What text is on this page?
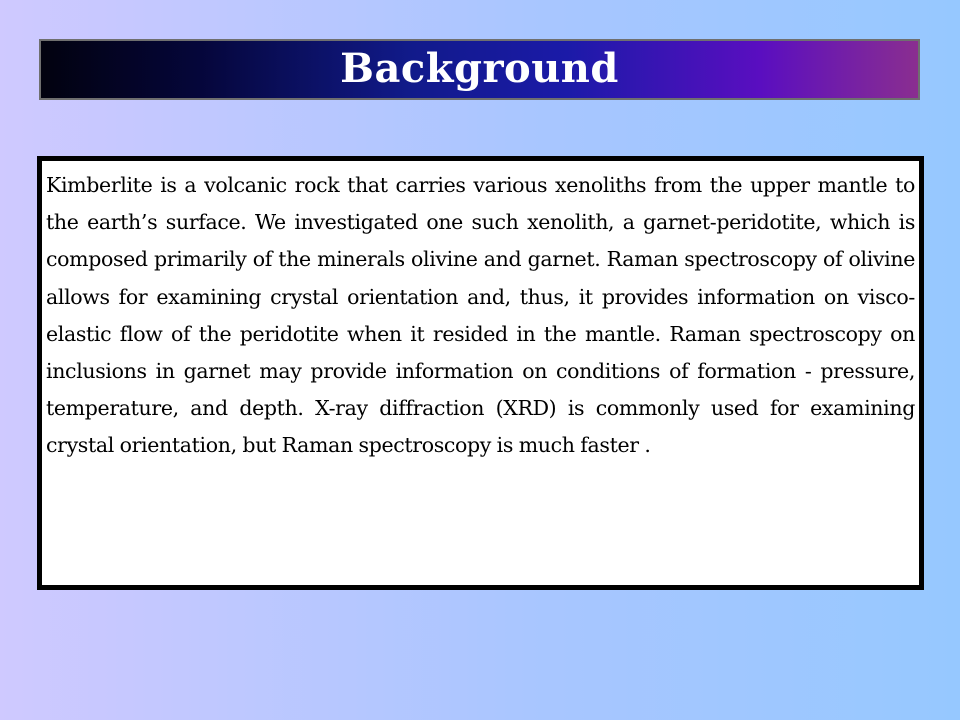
Background

Kimberlite is a volcanic rock that carries various xenoliths from the upper mantle to the earth’s surface. We investigated one such xenolith, a garnet-peridotite, which is composed primarily of the minerals olivine and garnet. Raman spectroscopy of olivine allows for examining crystal orientation and, thus, it provides information on visco-elastic flow of the peridotite when it resided in the mantle. Raman spectroscopy on inclusions in garnet may provide information on conditions of formation - pressure, temperature, and depth. X-ray diffraction (XRD) is commonly used for examining crystal orientation, but Raman spectroscopy is much faster .
